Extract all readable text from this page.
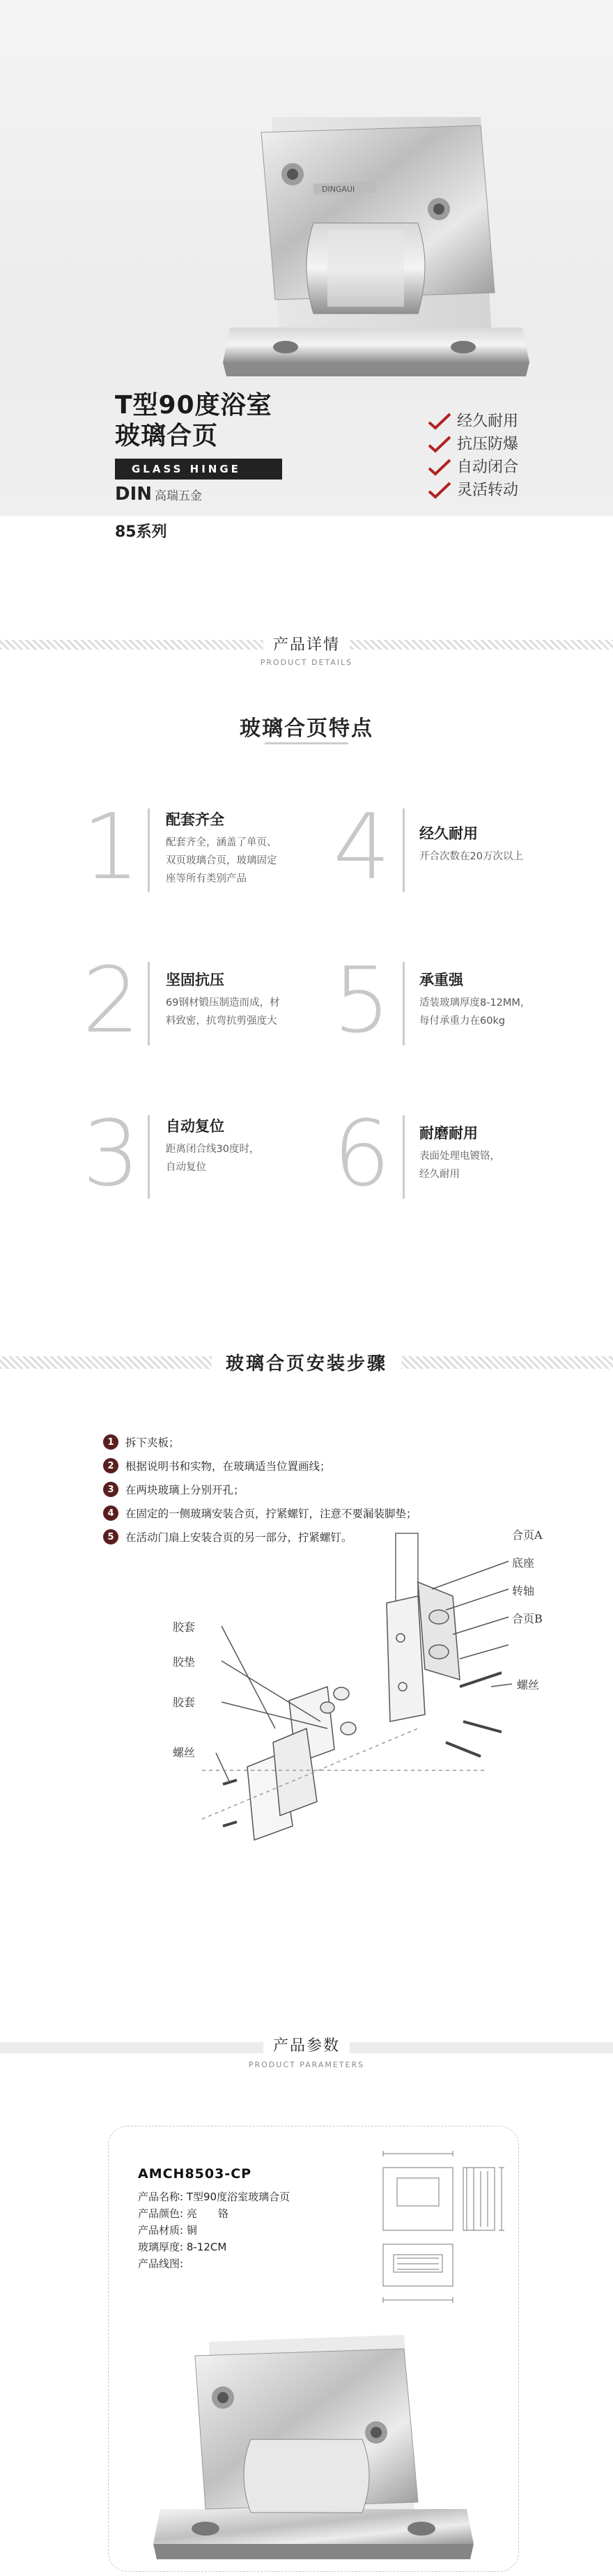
DINGAUI
T型90度浴室
玻璃合页
GLASS HINGE
DIN 高瑞五金
经久耐用
抗压防爆
自动闭合
灵活转动
85系列
产品详情
PRODUCT DETAILS
玻璃合页特点
1 配套齐全
配套齐全，涵盖了单页、
双页玻璃合页，玻璃固定
座等所有类别产品 4 经久耐用
开合次数在20万次以上
2 坚固抗压
69钢材锻压制造而成，材
料致密，抗弯抗剪强度大 5 承重强
适装玻璃厚度8-12MM，
每付承重力在60kg
3 自动复位
距离闭合线30度时，
自动复位	6 耐磨耐用
表面处理电镀铬，
经久耐用
玻璃合页安装步骤
1	拆下夹板；
2	根据说明书和实物，在玻璃适当位置画线；
3	在两块玻璃上分别开孔；
4	在固定的一侧玻璃安装合页，拧紧螺钉，注意不要漏装脚垫；
5	在活动门扇上安装合页的另一部分，拧紧螺钉。	合页A
底座
转轴
合页B
螺丝
胶套
胶垫
胶套
螺丝
产品参数
PRODUCT PARAMETERS
AMCH8503-CP
产品名称: T型90度浴室玻璃合页
产品颜色: 亮　　铬
产品材质: 铜
玻璃厚度: 8-12CM
产品线图:
